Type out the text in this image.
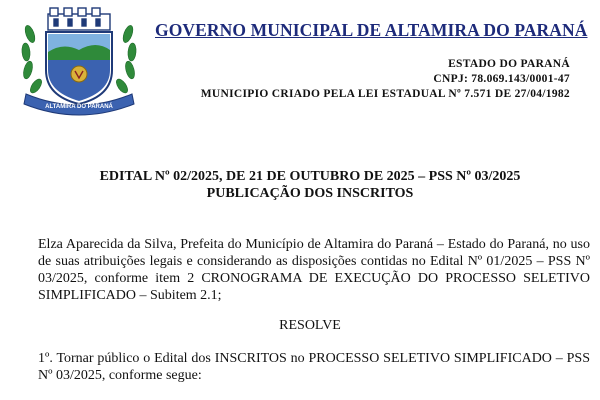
ALTAMIRA DO PARANÁ
GOVERNO MUNICIPAL DE ALTAMIRA DO PARANÁ
ESTADO DO PARANÁ
CNPJ: 78.069.143/0001-47
MUNICIPIO CRIADO PELA LEI ESTADUAL Nº 7.571 DE 27/04/1982
EDITAL Nº 02/2025, DE 21 DE OUTUBRO DE 2025 – PSS Nº 03/2025
PUBLICAÇÃO DOS INSCRITOS
Elza Aparecida da Silva, Prefeita do Município de Altamira do Paraná – Estado do Paraná, no uso de suas atribuições legais e considerando as disposições contidas no Edital Nº 01/2025 – PSS Nº 03/2025, conforme item 2 CRONOGRAMA DE EXECUÇÃO DO PROCESSO SELETIVO SIMPLIFICADO – Subitem 2.1;
RESOLVE
1º. Tornar público o Edital dos INSCRITOS no PROCESSO SELETIVO SIMPLIFICADO – PSS Nº 03/2025, conforme segue:
